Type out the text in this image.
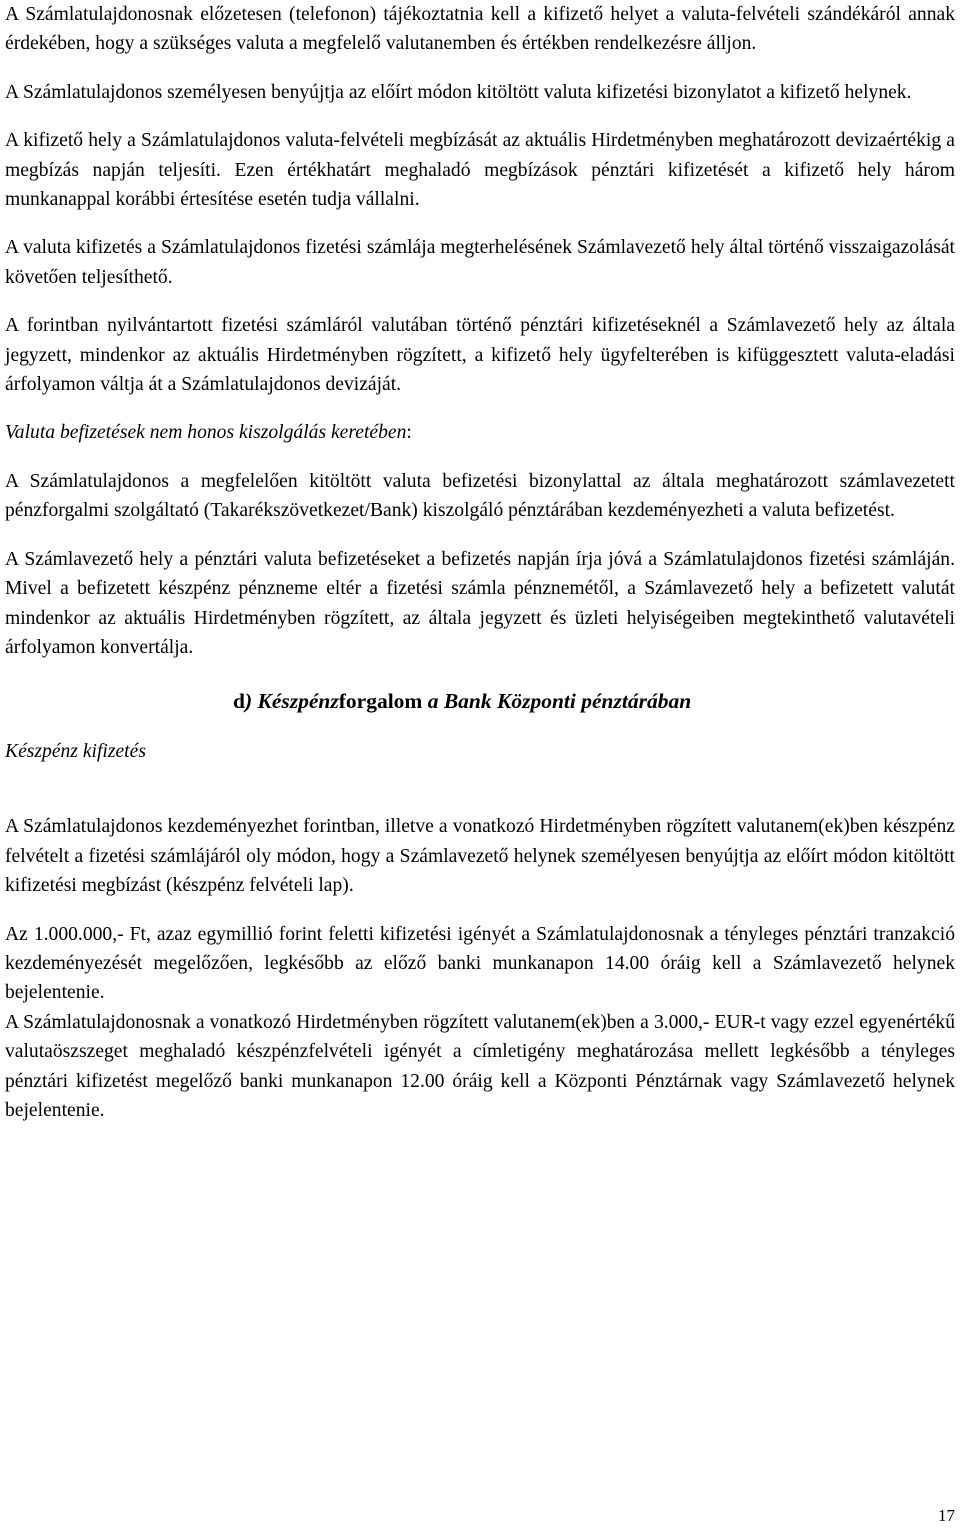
A Számlatulajdonosnak előzetesen (telefonon) tájékoztatnia kell a kifizető helyet a valuta-felvételi szándékáról annak érdekében, hogy a szükséges valuta a megfelelő valutanemben és értékben rendelkezésre álljon.

A Számlatulajdonos személyesen benyújtja az előírt módon kitöltött valuta kifizetési bizonylatot a kifizető helynek.

A kifizető hely a Számlatulajdonos valuta-felvételi megbízását az aktuális Hirdetményben meghatározott devizaértékig a megbízás napján teljesíti. Ezen értékhatárt meghaladó megbízások pénztári kifizetését a kifizető hely három munkanappal korábbi értesítése esetén tudja vállalni.

A valuta kifizetés a Számlatulajdonos fizetési számlája megterhelésének Számlavezető hely által történő visszaigazolását követően teljesíthető.

A forintban nyilvántartott fizetési számláról valutában történő pénztári kifizetéseknél a Számlavezető hely az általa jegyzett, mindenkor az aktuális Hirdetményben rögzített, a kifizető hely ügyfelterében is kifüggesztett valuta-eladási árfolyamon váltja át a Számlatulajdonos devizáját.

Valuta befizetések nem honos kiszolgálás keretében:

A Számlatulajdonos a megfelelően kitöltött valuta befizetési bizonylattal az általa meghatározott számlavezetett pénzforgalmi szolgáltató (Takarékszövetkezet/Bank) kiszolgáló pénztárában kezdeményezheti a valuta befizetést.

A Számlavezető hely a pénztári valuta befizetéseket a befizetés napján írja jóvá a Számlatulajdonos fizetési számláján. Mivel a befizetett készpénz pénzneme eltér a fizetési számla pénznemétől, a Számlavezető hely a befizetett valutát mindenkor az aktuális Hirdetményben rögzített, az általa jegyzett és üzleti helyiségeiben megtekinthető valutavételi árfolyamon konvertálja.

d) Készpénzforgalom a Bank Központi pénztárában
Készpénz kifizetés

A Számlatulajdonos kezdeményezhet forintban, illetve a vonatkozó Hirdetményben rögzített valutanem(ek)ben készpénz felvételt a fizetési számlájáról oly módon, hogy a Számlavezető helynek személyesen benyújtja az előírt módon kitöltött kifizetési megbízást (készpénz felvételi lap).

Az 1.000.000,- Ft, azaz egymillió forint feletti kifizetési igényét a Számlatulajdonosnak a tényleges pénztári tranzakció kezdeményezését megelőzően, legkésőbb az előző banki munkanapon 14.00 óráig kell a Számlavezető helynek bejelentenie.

A Számlatulajdonosnak a vonatkozó Hirdetményben rögzített valutanem(ek)ben a 3.000,- EUR-t vagy ezzel egyenértékű valutaöszszeget meghaladó készpénzfelvételi igényét a címletigény meghatározása mellett legkésőbb a tényleges pénztári kifizetést megelőző banki munkanapon 12.00 óráig kell a Központi Pénztárnak vagy Számlavezető helynek bejelentenie.

17
